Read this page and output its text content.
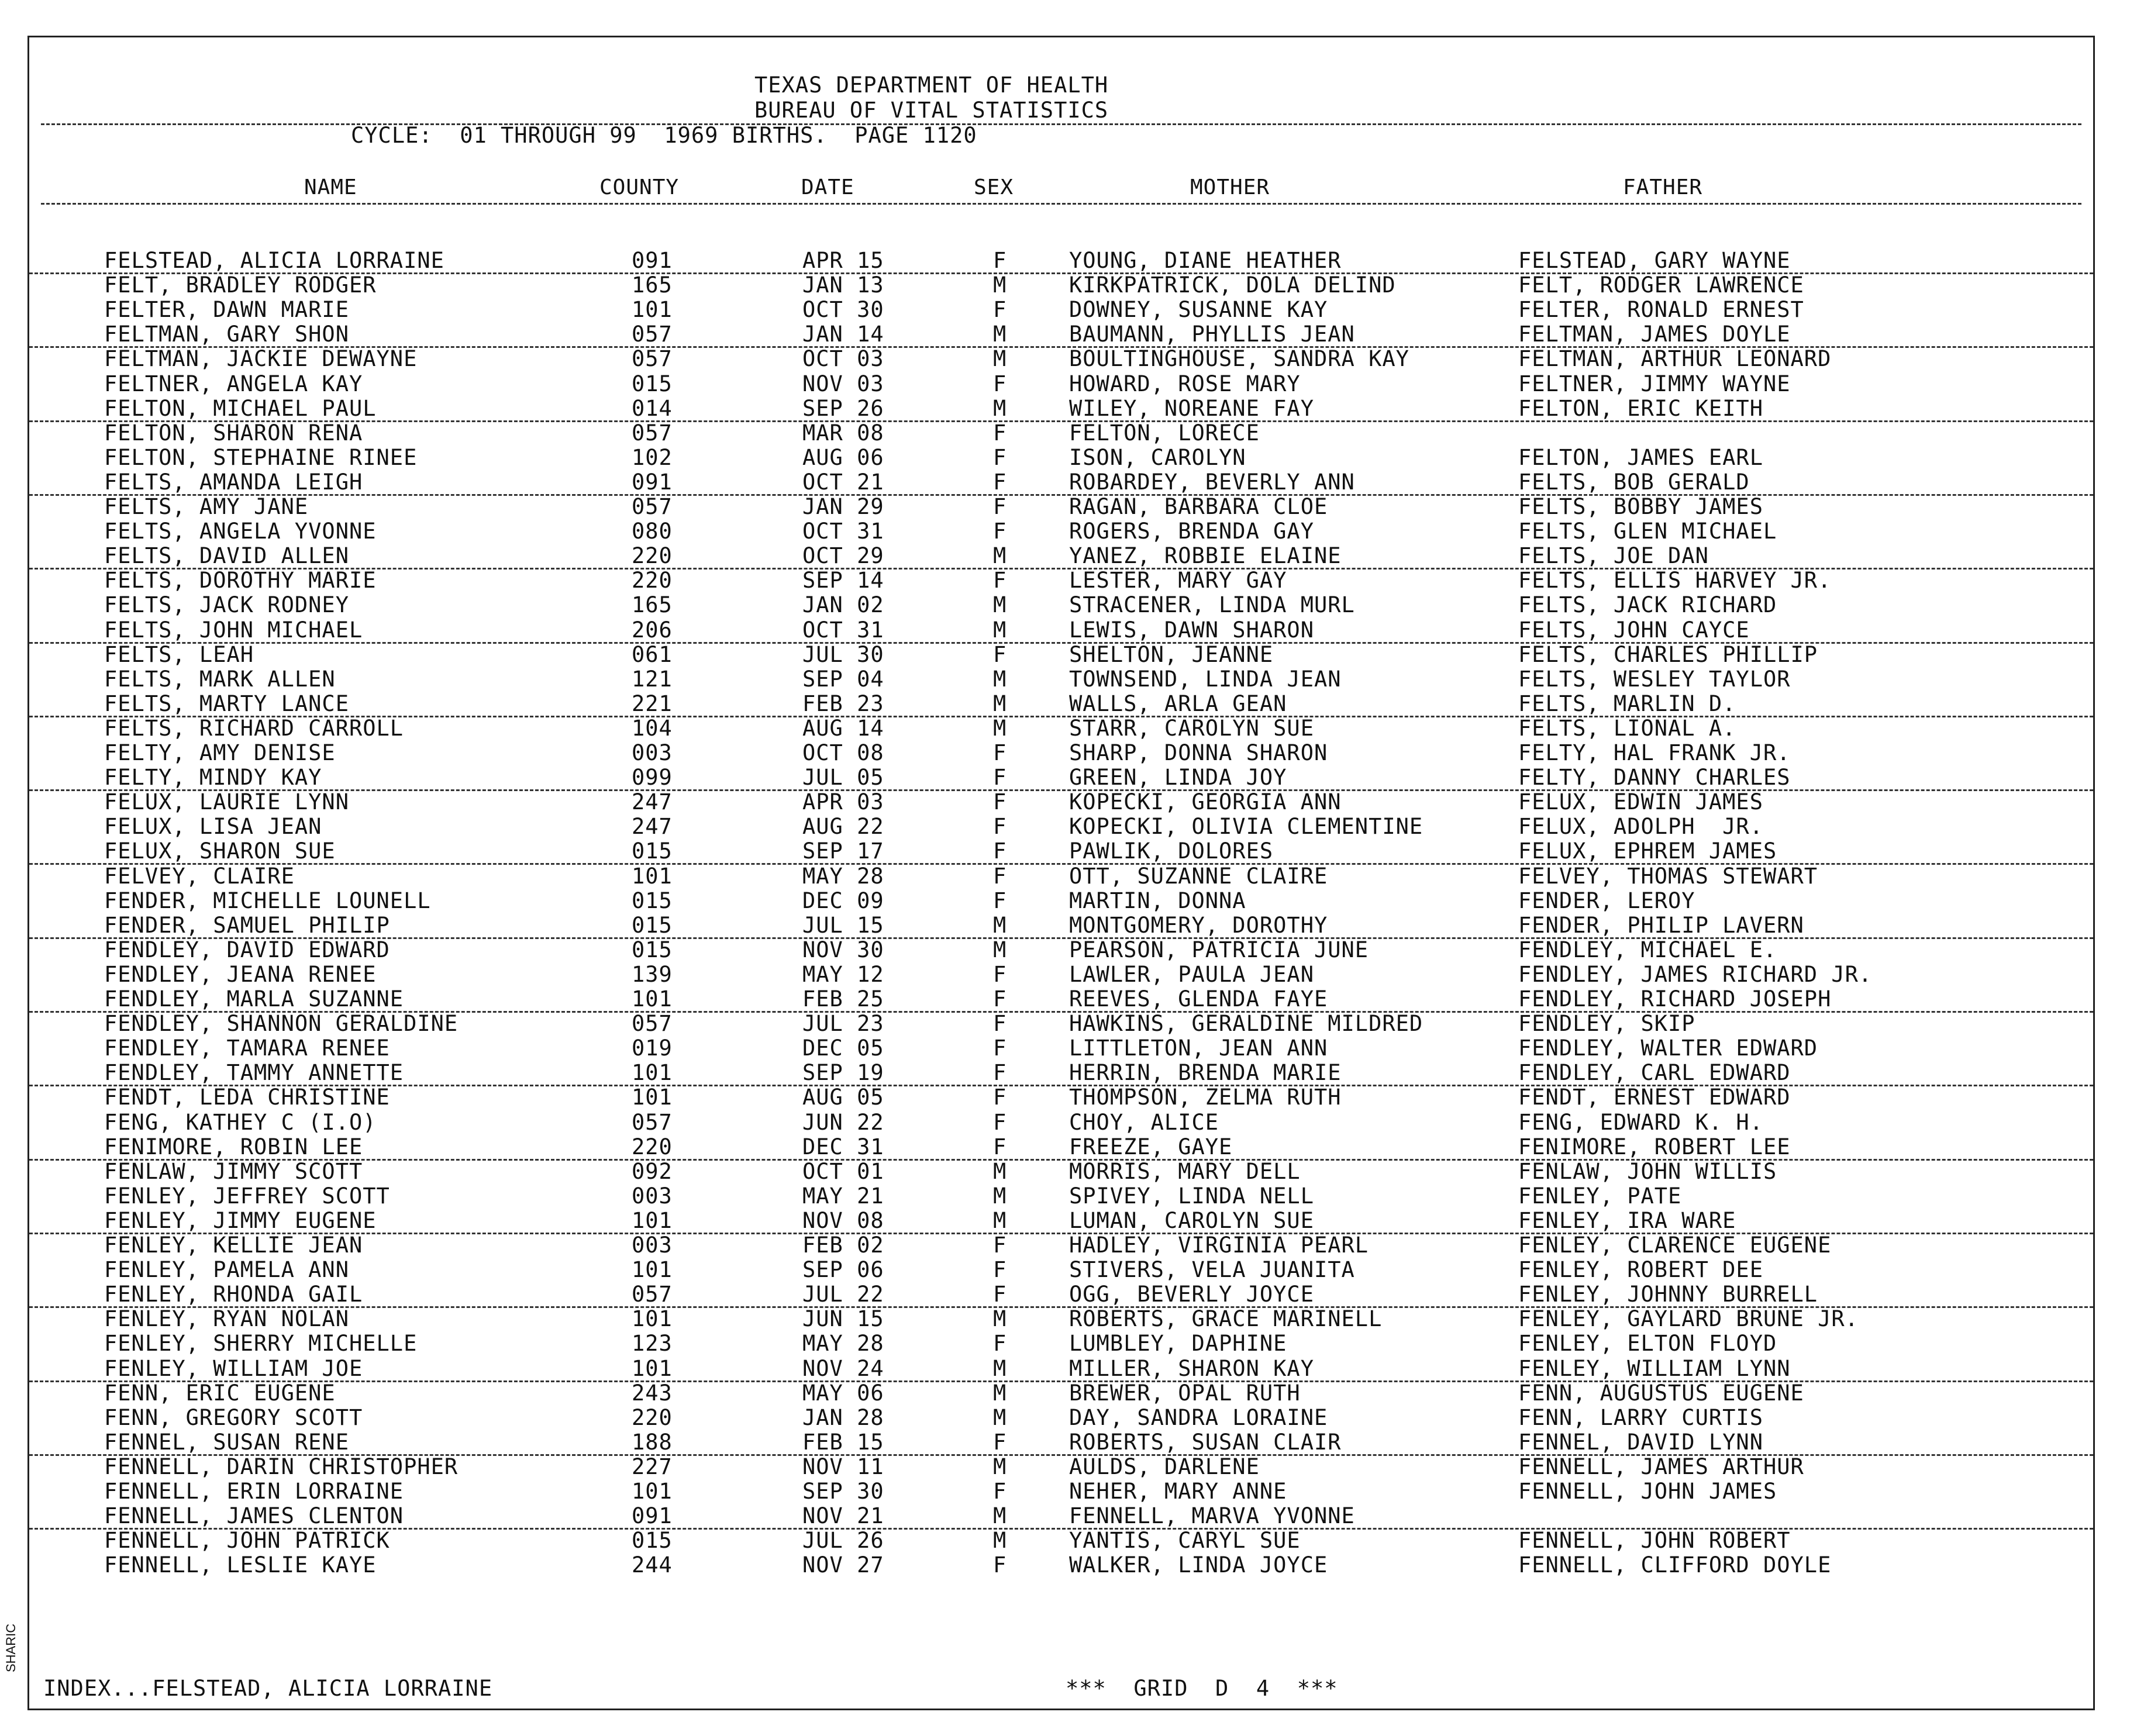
TEXAS DEPARTMENT OF HEALTH
BUREAU OF VITAL STATISTICS
CYCLE:  01 THROUGH 99  1969 BIRTHS.  PAGE 1120
NAME	COUNTY	DATE	SEX	MOTHER	FATHER
FELSTEAD, ALICIA LORRAINE	091	APR 15	F	YOUNG, DIANE HEATHER	FELSTEAD, GARY WAYNE
FELT, BRADLEY RODGER	165	JAN 13	M	KIRKPATRICK, DOLA DELIND	FELT, RODGER LAWRENCE
FELTER, DAWN MARIE	101	OCT 30	F	DOWNEY, SUSANNE KAY	FELTER, RONALD ERNEST
FELTMAN, GARY SHON	057	JAN 14	M	BAUMANN, PHYLLIS JEAN	FELTMAN, JAMES DOYLE
FELTMAN, JACKIE DEWAYNE	057	OCT 03	M	BOULTINGHOUSE, SANDRA KAY	FELTMAN, ARTHUR LEONARD
FELTNER, ANGELA KAY	015	NOV 03	F	HOWARD, ROSE MARY	FELTNER, JIMMY WAYNE
FELTON, MICHAEL PAUL	014	SEP 26	M	WILEY, NOREANE FAY	FELTON, ERIC KEITH
FELTON, SHARON RENA	057	MAR 08	F	FELTON, LORECE
FELTON, STEPHAINE RINEE	102	AUG 06	F	ISON, CAROLYN	FELTON, JAMES EARL
FELTS, AMANDA LEIGH	091	OCT 21	F	ROBARDEY, BEVERLY ANN	FELTS, BOB GERALD
FELTS, AMY JANE	057	JAN 29	F	RAGAN, BARBARA CLOE	FELTS, BOBBY JAMES
FELTS, ANGELA YVONNE	080	OCT 31	F	ROGERS, BRENDA GAY	FELTS, GLEN MICHAEL
FELTS, DAVID ALLEN	220	OCT 29	M	YANEZ, ROBBIE ELAINE	FELTS, JOE DAN
FELTS, DOROTHY MARIE	220	SEP 14	F	LESTER, MARY GAY	FELTS, ELLIS HARVEY JR.
FELTS, JACK RODNEY	165	JAN 02	M	STRACENER, LINDA MURL	FELTS, JACK RICHARD
FELTS, JOHN MICHAEL	206	OCT 31	M	LEWIS, DAWN SHARON	FELTS, JOHN CAYCE
FELTS, LEAH	061	JUL 30	F	SHELTON, JEANNE	FELTS, CHARLES PHILLIP
FELTS, MARK ALLEN	121	SEP 04	M	TOWNSEND, LINDA JEAN	FELTS, WESLEY TAYLOR
FELTS, MARTY LANCE	221	FEB 23	M	WALLS, ARLA GEAN	FELTS, MARLIN D.
FELTS, RICHARD CARROLL	104	AUG 14	M	STARR, CAROLYN SUE	FELTS, LIONAL A.
FELTY, AMY DENISE	003	OCT 08	F	SHARP, DONNA SHARON	FELTY, HAL FRANK JR.
FELTY, MINDY KAY	099	JUL 05	F	GREEN, LINDA JOY	FELTY, DANNY CHARLES
FELUX, LAURIE LYNN	247	APR 03	F	KOPECKI, GEORGIA ANN	FELUX, EDWIN JAMES
FELUX, LISA JEAN	247	AUG 22	F	KOPECKI, OLIVIA CLEMENTINE	FELUX, ADOLPH  JR.
FELUX, SHARON SUE	015	SEP 17	F	PAWLIK, DOLORES	FELUX, EPHREM JAMES
FELVEY, CLAIRE	101	MAY 28	F	OTT, SUZANNE CLAIRE	FELVEY, THOMAS STEWART
FENDER, MICHELLE LOUNELL	015	DEC 09	F	MARTIN, DONNA	FENDER, LEROY
FENDER, SAMUEL PHILIP	015	JUL 15	M	MONTGOMERY, DOROTHY	FENDER, PHILIP LAVERN
FENDLEY, DAVID EDWARD	015	NOV 30	M	PEARSON, PATRICIA JUNE	FENDLEY, MICHAEL E.
FENDLEY, JEANA RENEE	139	MAY 12	F	LAWLER, PAULA JEAN	FENDLEY, JAMES RICHARD JR.
FENDLEY, MARLA SUZANNE	101	FEB 25	F	REEVES, GLENDA FAYE	FENDLEY, RICHARD JOSEPH
FENDLEY, SHANNON GERALDINE	057	JUL 23	F	HAWKINS, GERALDINE MILDRED	FENDLEY, SKIP
FENDLEY, TAMARA RENEE	019	DEC 05	F	LITTLETON, JEAN ANN	FENDLEY, WALTER EDWARD
FENDLEY, TAMMY ANNETTE	101	SEP 19	F	HERRIN, BRENDA MARIE	FENDLEY, CARL EDWARD
FENDT, LEDA CHRISTINE	101	AUG 05	F	THOMPSON, ZELMA RUTH	FENDT, ERNEST EDWARD
FENG, KATHEY C (I.O)	057	JUN 22	F	CHOY, ALICE	FENG, EDWARD K. H.
FENIMORE, ROBIN LEE	220	DEC 31	F	FREEZE, GAYE	FENIMORE, ROBERT LEE
FENLAW, JIMMY SCOTT	092	OCT 01	M	MORRIS, MARY DELL	FENLAW, JOHN WILLIS
FENLEY, JEFFREY SCOTT	003	MAY 21	M	SPIVEY, LINDA NELL	FENLEY, PATE
FENLEY, JIMMY EUGENE	101	NOV 08	M	LUMAN, CAROLYN SUE	FENLEY, IRA WARE
FENLEY, KELLIE JEAN	003	FEB 02	F	HADLEY, VIRGINIA PEARL	FENLEY, CLARENCE EUGENE
FENLEY, PAMELA ANN	101	SEP 06	F	STIVERS, VELA JUANITA	FENLEY, ROBERT DEE
FENLEY, RHONDA GAIL	057	JUL 22	F	OGG, BEVERLY JOYCE	FENLEY, JOHNNY BURRELL
FENLEY, RYAN NOLAN	101	JUN 15	M	ROBERTS, GRACE MARINELL	FENLEY, GAYLARD BRUNE JR.
FENLEY, SHERRY MICHELLE	123	MAY 28	F	LUMBLEY, DAPHINE	FENLEY, ELTON FLOYD
FENLEY, WILLIAM JOE	101	NOV 24	M	MILLER, SHARON KAY	FENLEY, WILLIAM LYNN
FENN, ERIC EUGENE	243	MAY 06	M	BREWER, OPAL RUTH	FENN, AUGUSTUS EUGENE
FENN, GREGORY SCOTT	220	JAN 28	M	DAY, SANDRA LORAINE	FENN, LARRY CURTIS
FENNEL, SUSAN RENE	188	FEB 15	F	ROBERTS, SUSAN CLAIR	FENNEL, DAVID LYNN
FENNELL, DARIN CHRISTOPHER	227	NOV 11	M	AULDS, DARLENE	FENNELL, JAMES ARTHUR
FENNELL, ERIN LORRAINE	101	SEP 30	F	NEHER, MARY ANNE	FENNELL, JOHN JAMES
FENNELL, JAMES CLENTON	091	NOV 21	M	FENNELL, MARVA YVONNE
FENNELL, JOHN PATRICK	015	JUL 26	M	YANTIS, CARYL SUE	FENNELL, JOHN ROBERT
FENNELL, LESLIE KAYE	244	NOV 27	F	WALKER, LINDA JOYCE	FENNELL, CLIFFORD DOYLE
INDEX...FELSTEAD, ALICIA LORRAINE	***  GRID  D  4  ***
SHARIC
